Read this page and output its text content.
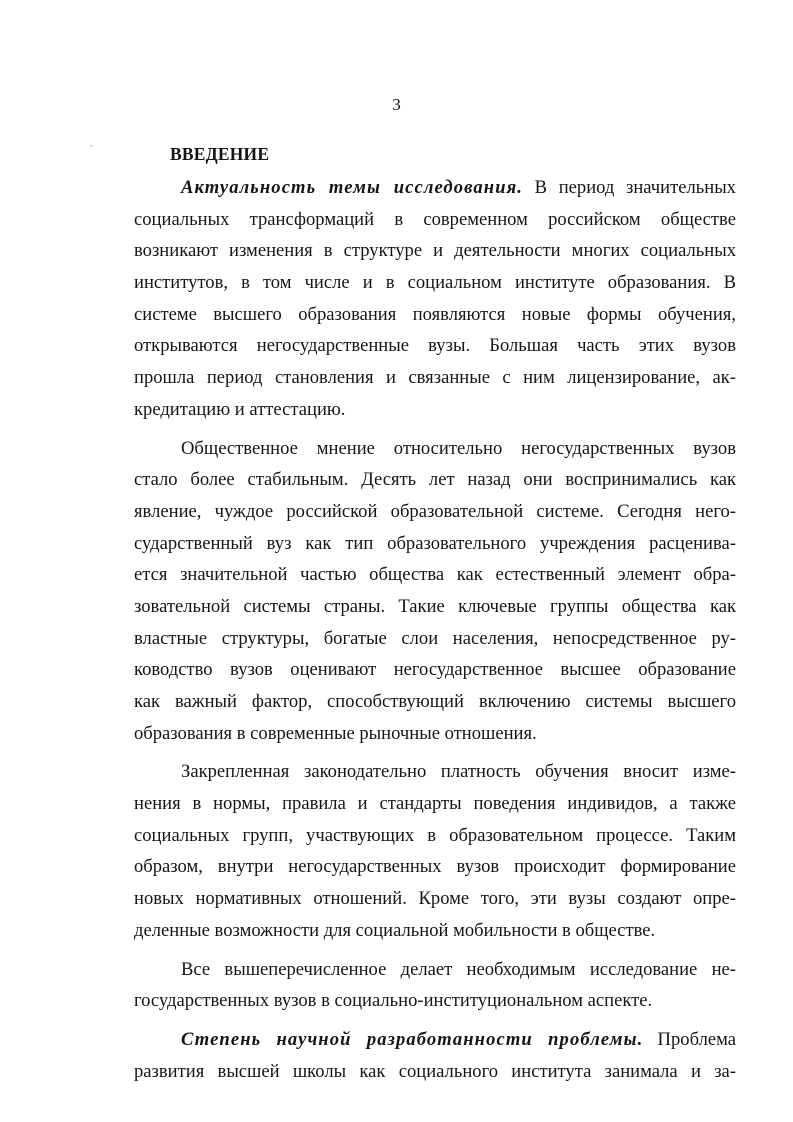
3
ВВЕДЕНИЕ
Актуальность темы исследования. В период значительных
социальных трансформаций в современном российском обществе
возникают изменения в структуре и деятельности многих социальных
институтов, в том числе и в социальном институте образования. В
системе высшего образования появляются новые формы обучения,
открываются негосударственные вузы. Большая часть этих вузов
прошла период становления и связанные с ним лицензирование, ак-
кредитацию и аттестацию.
Общественное мнение относительно негосударственных вузов
стало более стабильным. Десять лет назад они воспринимались как
явление, чуждое российской образовательной системе. Сегодня него-
сударственный вуз как тип образовательного учреждения расценива-
ется значительной частью общества как естественный элемент обра-
зовательной системы страны. Такие ключевые группы общества как
властные структуры, богатые слои населения, непосредственное ру-
ководство вузов оценивают негосударственное высшее образование
как важный фактор, способствующий включению системы высшего
образования в современные рыночные отношения.
Закрепленная законодательно платность обучения вносит изме-
нения в нормы, правила и стандарты поведения индивидов, а также
социальных групп, участвующих в образовательном процессе. Таким
образом, внутри негосударственных вузов происходит формирование
новых нормативных отношений. Кроме того, эти вузы создают опре-
деленные возможности для социальной мобильности в обществе.
Все вышеперечисленное делает необходимым исследование не-
государственных вузов в социально-институциональном аспекте.
Степень научной разработанности проблемы. Проблема
развития высшей школы как социального института занимала и за-
